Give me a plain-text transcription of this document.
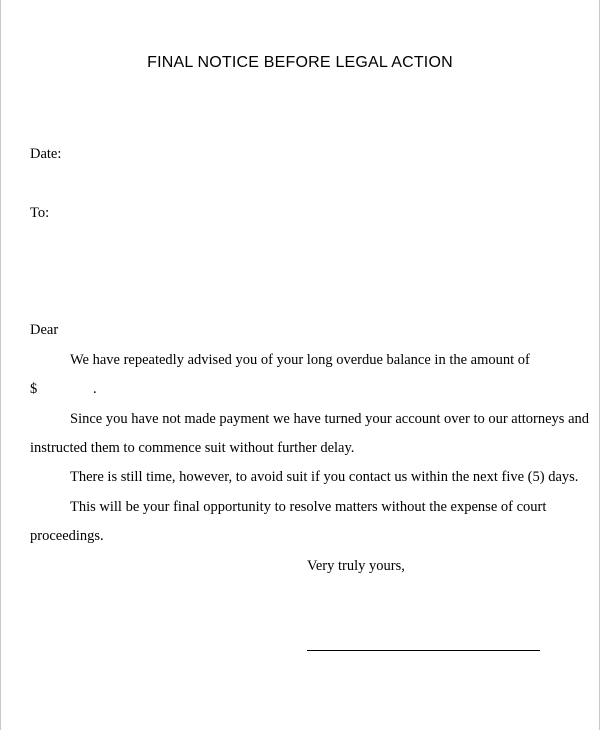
FINAL NOTICE BEFORE LEGAL ACTION
Date:
To:
Dear
We have repeatedly advised you of your long overdue balance in the amount of
$	.
Since you have not made payment we have turned your account over to our attorneys and
instructed them to commence suit without further delay.
There is still time, however, to avoid suit if you contact us within the next five (5) days.
This will be your final opportunity to resolve matters without the expense of court
proceedings.
Very truly yours,
